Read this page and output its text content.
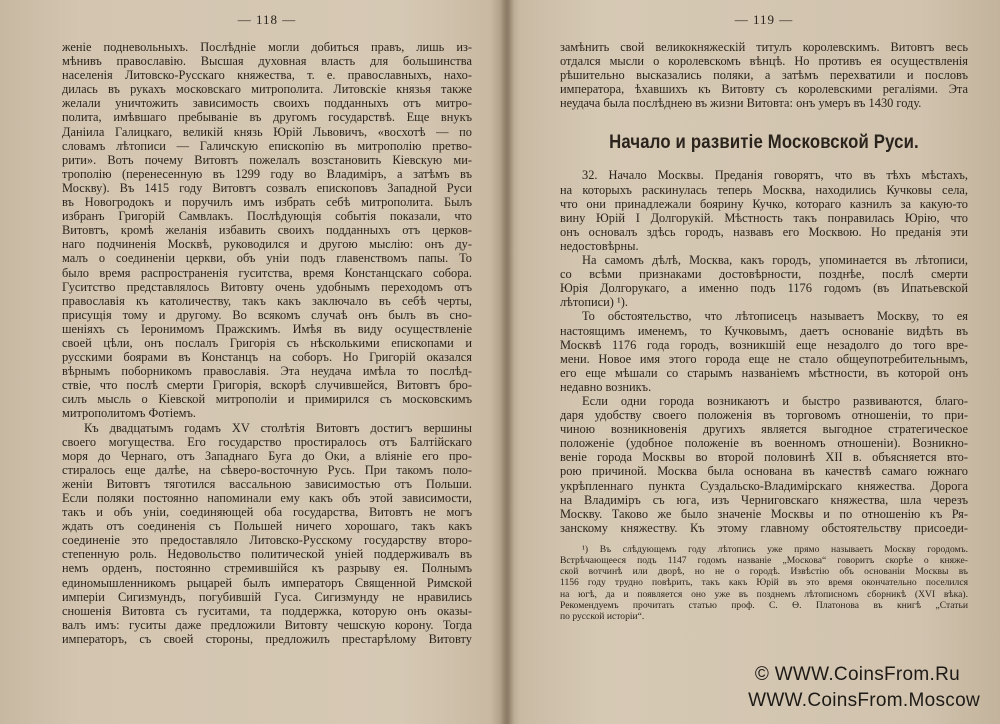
— 118 —
женіе подневольныхъ. Послѣдніе могли добиться правъ, лишь из-
мѣнивъ православію. Высшая духовная власть для большинства
населенія Литовско-Русскаго княжества, т. е. православныхъ, нахо-
дилась въ рукахъ московскаго митрополита. Литовскіе князья также
желали уничтожить зависимость своихъ подданныхъ отъ митро-
полита, имѣвшаго пребываніе въ другомъ государствѣ. Еще внукъ
Даніила Галицкаго, великій князь Юрій Львовичъ, «восхотѣ — по
словамъ лѣтописи — Галичскую епископію въ митрополію претво-
рити». Вотъ почему Витовтъ пожелалъ возстановить Кіевскую ми-
трополію (перенесенную въ 1299 году во Владиміръ, а затѣмъ въ
Москву). Въ 1415 году Витовтъ созвалъ епископовъ Западной Руси
въ Новогродокъ и поручилъ имъ избрать себѣ митрополита. Былъ
избранъ Григорій Самвлакъ. Послѣдующія событія показали, что
Витовтъ, кромѣ желанія избавить своихъ подданныхъ отъ церков-
наго подчиненія Москвѣ, руководился и другою мыслію: онъ ду-
малъ о соединеніи церкви, объ уніи подъ главенствомъ папы. То
было время распространенія гуситства, время Констанцскаго собора.
Гуситство представлялось Витовту очень удобнымъ переходомъ отъ
православія къ католичеству, такъ какъ заключало въ себѣ черты,
присущія тому и другому. Во всякомъ случаѣ онъ былъ въ сно-
шеніяхъ съ Іеронимомъ Пражскимъ. Имѣя въ виду осуществленіе
своей цѣли, онъ послалъ Григорія съ нѣсколькими епископами и
русскими боярами въ Констанцъ на соборъ. Но Григорій оказался
вѣрнымъ поборникомъ православія. Эта неудача имѣла то послѣд-
ствіе, что послѣ смерти Григорія, вскорѣ случившейся, Витовтъ бро-
силъ мысль о Кіевской митрополіи и примирился съ московскимъ
митрополитомъ Фотіемъ.
Къ двадцатымъ годамъ XV столѣтія Витовтъ достигъ вершины
своего могущества. Его государство простиралось отъ Балтійскаго
моря до Чернаго, отъ Западнаго Буга до Оки, а вліяніе его про-
стиралось еще далѣе, на сѣверо-восточную Русь. При такомъ поло-
женіи Витовтъ тяготился вассальною зависимостью отъ Польши.
Если поляки постоянно напоминали ему какъ объ этой зависимости,
такъ и объ уніи, соединяющей оба государства, Витовтъ не могъ
ждать отъ соединенія съ Польшей ничего хорошаго, такъ какъ
соединеніе это предоставляло Литовско-Русскому государству второ-
степенную роль. Недовольство политической уніей поддерживалъ въ
немъ орденъ, постоянно стремившійся къ разрыву ея. Полнымъ
единомышленникомъ рыцарей былъ императоръ Священной Римской
имперіи Сигизмундъ, погубившій Гуса. Сигизмунду не нравились
сношенія Витовта съ гуситами, та поддержка, которую онъ оказы-
валъ имъ: гуситы даже предложили Витовту чешскую корону. Тогда
императоръ, съ своей стороны, предложилъ престарѣлому Витовту
— 119 —
замѣнить свой великокняжескій титулъ королевскимъ. Витовтъ весь
отдался мысли о королевскомъ вѣнцѣ. Но противъ ея осуществленія
рѣшительно высказались поляки, а затѣмъ перехватили и пословъ
императора, ѣхавшихъ къ Витовту съ королевскими регаліями. Эта
неудача была послѣднею въ жизни Витовта: онъ умеръ въ 1430 году.
Начало и развитіе Московской Руси.
32. Начало Москвы. Преданія говорятъ, что въ тѣхъ мѣстахъ,
на которыхъ раскинулась теперь Москва, находились Кучковы села,
что они принадлежали боярину Кучко, котораго казнилъ за какую-то
вину Юрій I Долгорукій. Мѣстность такъ понравилась Юрію, что
онъ основалъ здѣсь городъ, назвавъ его Москвою. Но преданія эти
недостовѣрны.
На самомъ дѣлѣ, Москва, какъ городъ, упоминается въ лѣтописи,
со всѣми признаками достовѣрности, позднѣе, послѣ смерти
Юрія Долгорукаго, а именно подъ 1176 годомъ (въ Ипатьевской
лѣтописи) ¹).
То обстоятельство, что лѣтописецъ называетъ Москву, то ея
настоящимъ именемъ, то Кучковымъ, даетъ основаніе видѣть въ
Москвѣ 1176 года городъ, возникшій еще незадолго до того вре-
мени. Новое имя этого города еще не стало общеупотребительнымъ,
его еще мѣшали со старымъ названіемъ мѣстности, въ которой онъ
недавно возникъ.
Если одни города возникаютъ и быстро развиваются, благо-
даря удобству своего положенія въ торговомъ отношеніи, то при-
чиною возникновенія другихъ является выгодное стратегическое
положеніе (удобное положеніе въ военномъ отношеніи). Возникно-
веніе города Москвы во второй половинѣ XII в. объясняется вто-
рою причиной. Москва была основана въ качествѣ самаго южнаго
укрѣпленнаго пункта Суздальско-Владимірскаго княжества. Дорога
на Владиміръ съ юга, изъ Черниговскаго княжества, шла черезъ
Москву. Таково же было значеніе Москвы и по отношенію къ Ря-
занскому княжеству. Къ этому главному обстоятельству присоеди-
¹) Въ слѣдующемъ году лѣтопись уже прямо называетъ Москву городомъ.
Встрѣчающееся подъ 1147 годомъ названіе „Москова“ говоритъ скорѣе о княже-
ской вотчинѣ или дворѣ, но не о городѣ. Извѣстію объ основаніи Москвы въ
1156 году трудно повѣрить, такъ какъ Юрій въ это время окончательно поселился
на югѣ, да и появляется оно уже въ позднемъ лѣтописномъ сборникѣ (XVI вѣка).
Рекомендуемъ прочитать статью проф. С. Ѳ. Платонова въ книгѣ „Статьи
по русской исторіи“.
© WWW.CoinsFrom.Ru
WWW.CoinsFrom.Moscow
